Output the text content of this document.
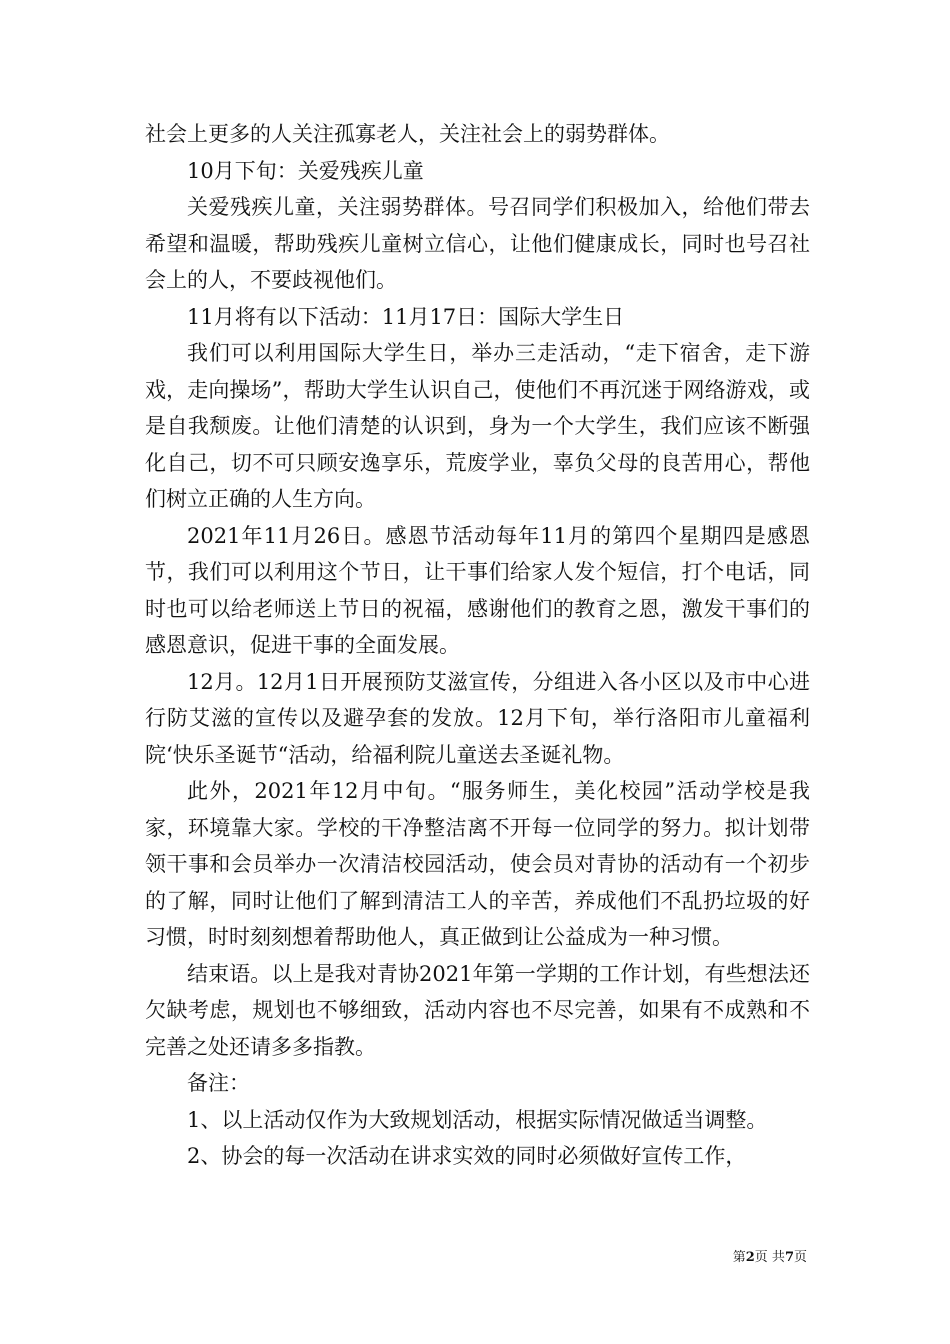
社会上更多的人关注孤寡老人，关注社会上的弱势群体。

10月下旬：关爱残疾儿童

关爱残疾儿童，关注弱势群体。号召同学们积极加入，给他们带去希望和温暖，帮助残疾儿童树立信心，让他们健康成长，同时也号召社会上的人，不要歧视他们。

11月将有以下活动：11月17日：国际大学生日

我们可以利用国际大学生日，举办三走活动，“走下宿舍，走下游戏，走向操场”，帮助大学生认识自己，使他们不再沉迷于网络游戏，或是自我颓废。让他们清楚的认识到，身为一个大学生，我们应该不断强化自己，切不可只顾安逸享乐，荒废学业，辜负父母的良苦用心，帮他们树立正确的人生方向。

2021年11月26日。感恩节活动每年11月的第四个星期四是感恩节，我们可以利用这个节日，让干事们给家人发个短信，打个电话，同时也可以给老师送上节日的祝福，感谢他们的教育之恩，激发干事们的感恩意识，促进干事的全面发展。

12月。12月1日开展预防艾滋宣传，分组进入各小区以及市中心进行防艾滋的宣传以及避孕套的发放。12月下旬，举行洛阳市儿童福利院‘快乐圣诞节“活动，给福利院儿童送去圣诞礼物。

此外，2021年12月中旬。“服务师生，美化校园”活动学校是我家，环境靠大家。学校的干净整洁离不开每一位同学的努力。拟计划带领干事和会员举办一次清洁校园活动，使会员对青协的活动有一个初步的了解，同时让他们了解到清洁工人的辛苦，养成他们不乱扔垃圾的好习惯，时时刻刻想着帮助他人，真正做到让公益成为一种习惯。

结束语。以上是我对青协2021年第一学期的工作计划，有些想法还欠缺考虑，规划也不够细致，活动内容也不尽完善，如果有不成熟和不完善之处还请多多指教。

备注：

1、以上活动仅作为大致规划活动，根据实际情况做适当调整。

2、协会的每一次活动在讲求实效的同时必须做好宣传工作，

第2页 共7页
